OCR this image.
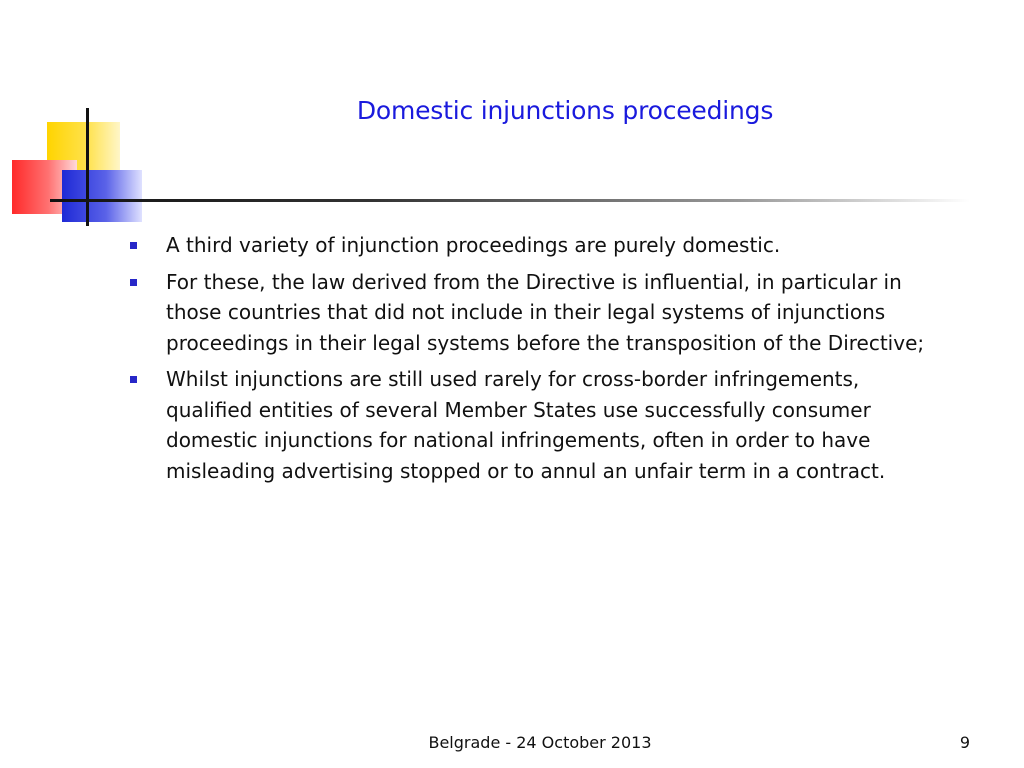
Domestic injunctions proceedings
A third variety of injunction proceedings are purely domestic.
For these, the law derived from the Directive is influential, in particular in those countries that did not include in their legal systems of injunctions proceedings in their legal systems before the transposition of the Directive;
Whilst injunctions are still used rarely for cross-border infringements, qualified entities of several Member States use successfully consumer domestic injunctions for national infringements, often in order to have misleading advertising stopped or to annul an unfair term in a contract.
Belgrade - 24 October 2013	9
